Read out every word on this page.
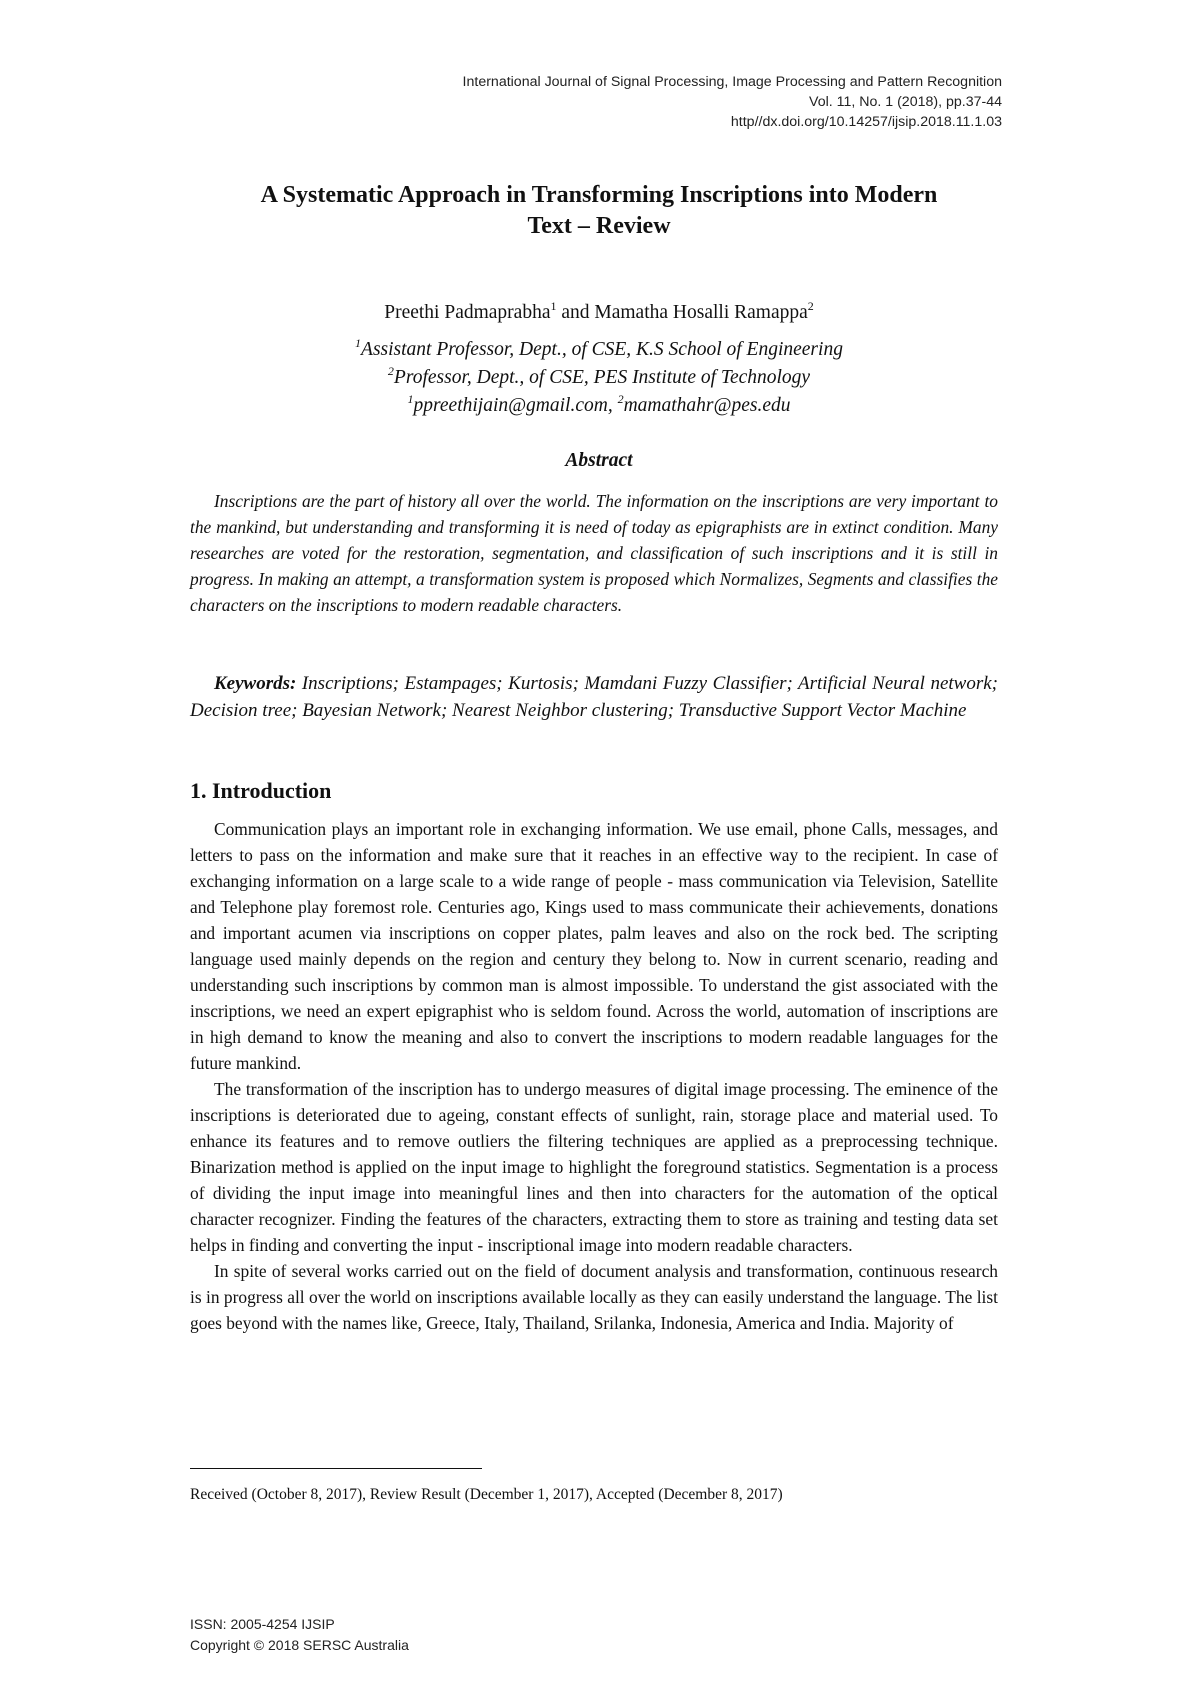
International Journal of Signal Processing, Image Processing and Pattern Recognition
Vol. 11, No. 1 (2018), pp.37-44
http//dx.doi.org/10.14257/ijsip.2018.11.1.03
A Systematic Approach in Transforming Inscriptions into Modern
Text – Review
Preethi Padmaprabha$^1$ and Mamatha Hosalli Ramappa$^2$
$^1$Assistant Professor, Dept., of CSE, K.S School of Engineering
$^2$Professor, Dept., of CSE, PES Institute of Technology
$^1$ppreethijain@gmail.com, $^2$mamathahr@pes.edu
Abstract
Inscriptions are the part of history all over the world. The information on the inscriptions are very important to the mankind, but understanding and transforming it is need of today as epigraphists are in extinct condition. Many researches are voted for the restoration, segmentation, and classification of such inscriptions and it is still in progress. In making an attempt, a transformation system is proposed which Normalizes, Segments and classifies the characters on the inscriptions to modern readable characters.
Keywords: Inscriptions; Estampages; Kurtosis; Mamdani Fuzzy Classifier; Artificial Neural network; Decision tree; Bayesian Network; Nearest Neighbor clustering; Transductive Support Vector Machine
1. Introduction

Communication plays an important role in exchanging information. We use email, phone Calls, messages, and letters to pass on the information and make sure that it reaches in an effective way to the recipient. In case of exchanging information on a large scale to a wide range of people - mass communication via Television, Satellite and Telephone play foremost role. Centuries ago, Kings used to mass communicate their achievements, donations and important acumen via inscriptions on copper plates, palm leaves and also on the rock bed. The scripting language used mainly depends on the region and century they belong to. Now in current scenario, reading and understanding such inscriptions by common man is almost impossible. To understand the gist associated with the inscriptions, we need an expert epigraphist who is seldom found. Across the world, automation of inscriptions are in high demand to know the meaning and also to convert the inscriptions to modern readable languages for the future mankind.

The transformation of the inscription has to undergo measures of digital image processing. The eminence of the inscriptions is deteriorated due to ageing, constant effects of sunlight, rain, storage place and material used. To enhance its features and to remove outliers the filtering techniques are applied as a preprocessing technique. Binarization method is applied on the input image to highlight the foreground statistics. Segmentation is a process of dividing the input image into meaningful lines and then into characters for the automation of the optical character recognizer. Finding the features of the characters, extracting them to store as training and testing data set helps in finding and converting the input - inscriptional image into modern readable characters.

In spite of several works carried out on the field of document analysis and transformation, continuous research is in progress all over the world on inscriptions available locally as they can easily understand the language. The list goes beyond with the names like, Greece, Italy, Thailand, Srilanka, Indonesia, America and India. Majority of

Received (October 8, 2017), Review Result (December 1, 2017), Accepted (December 8, 2017)
ISSN: 2005-4254 IJSIP
Copyright © 2018 SERSC Australia
